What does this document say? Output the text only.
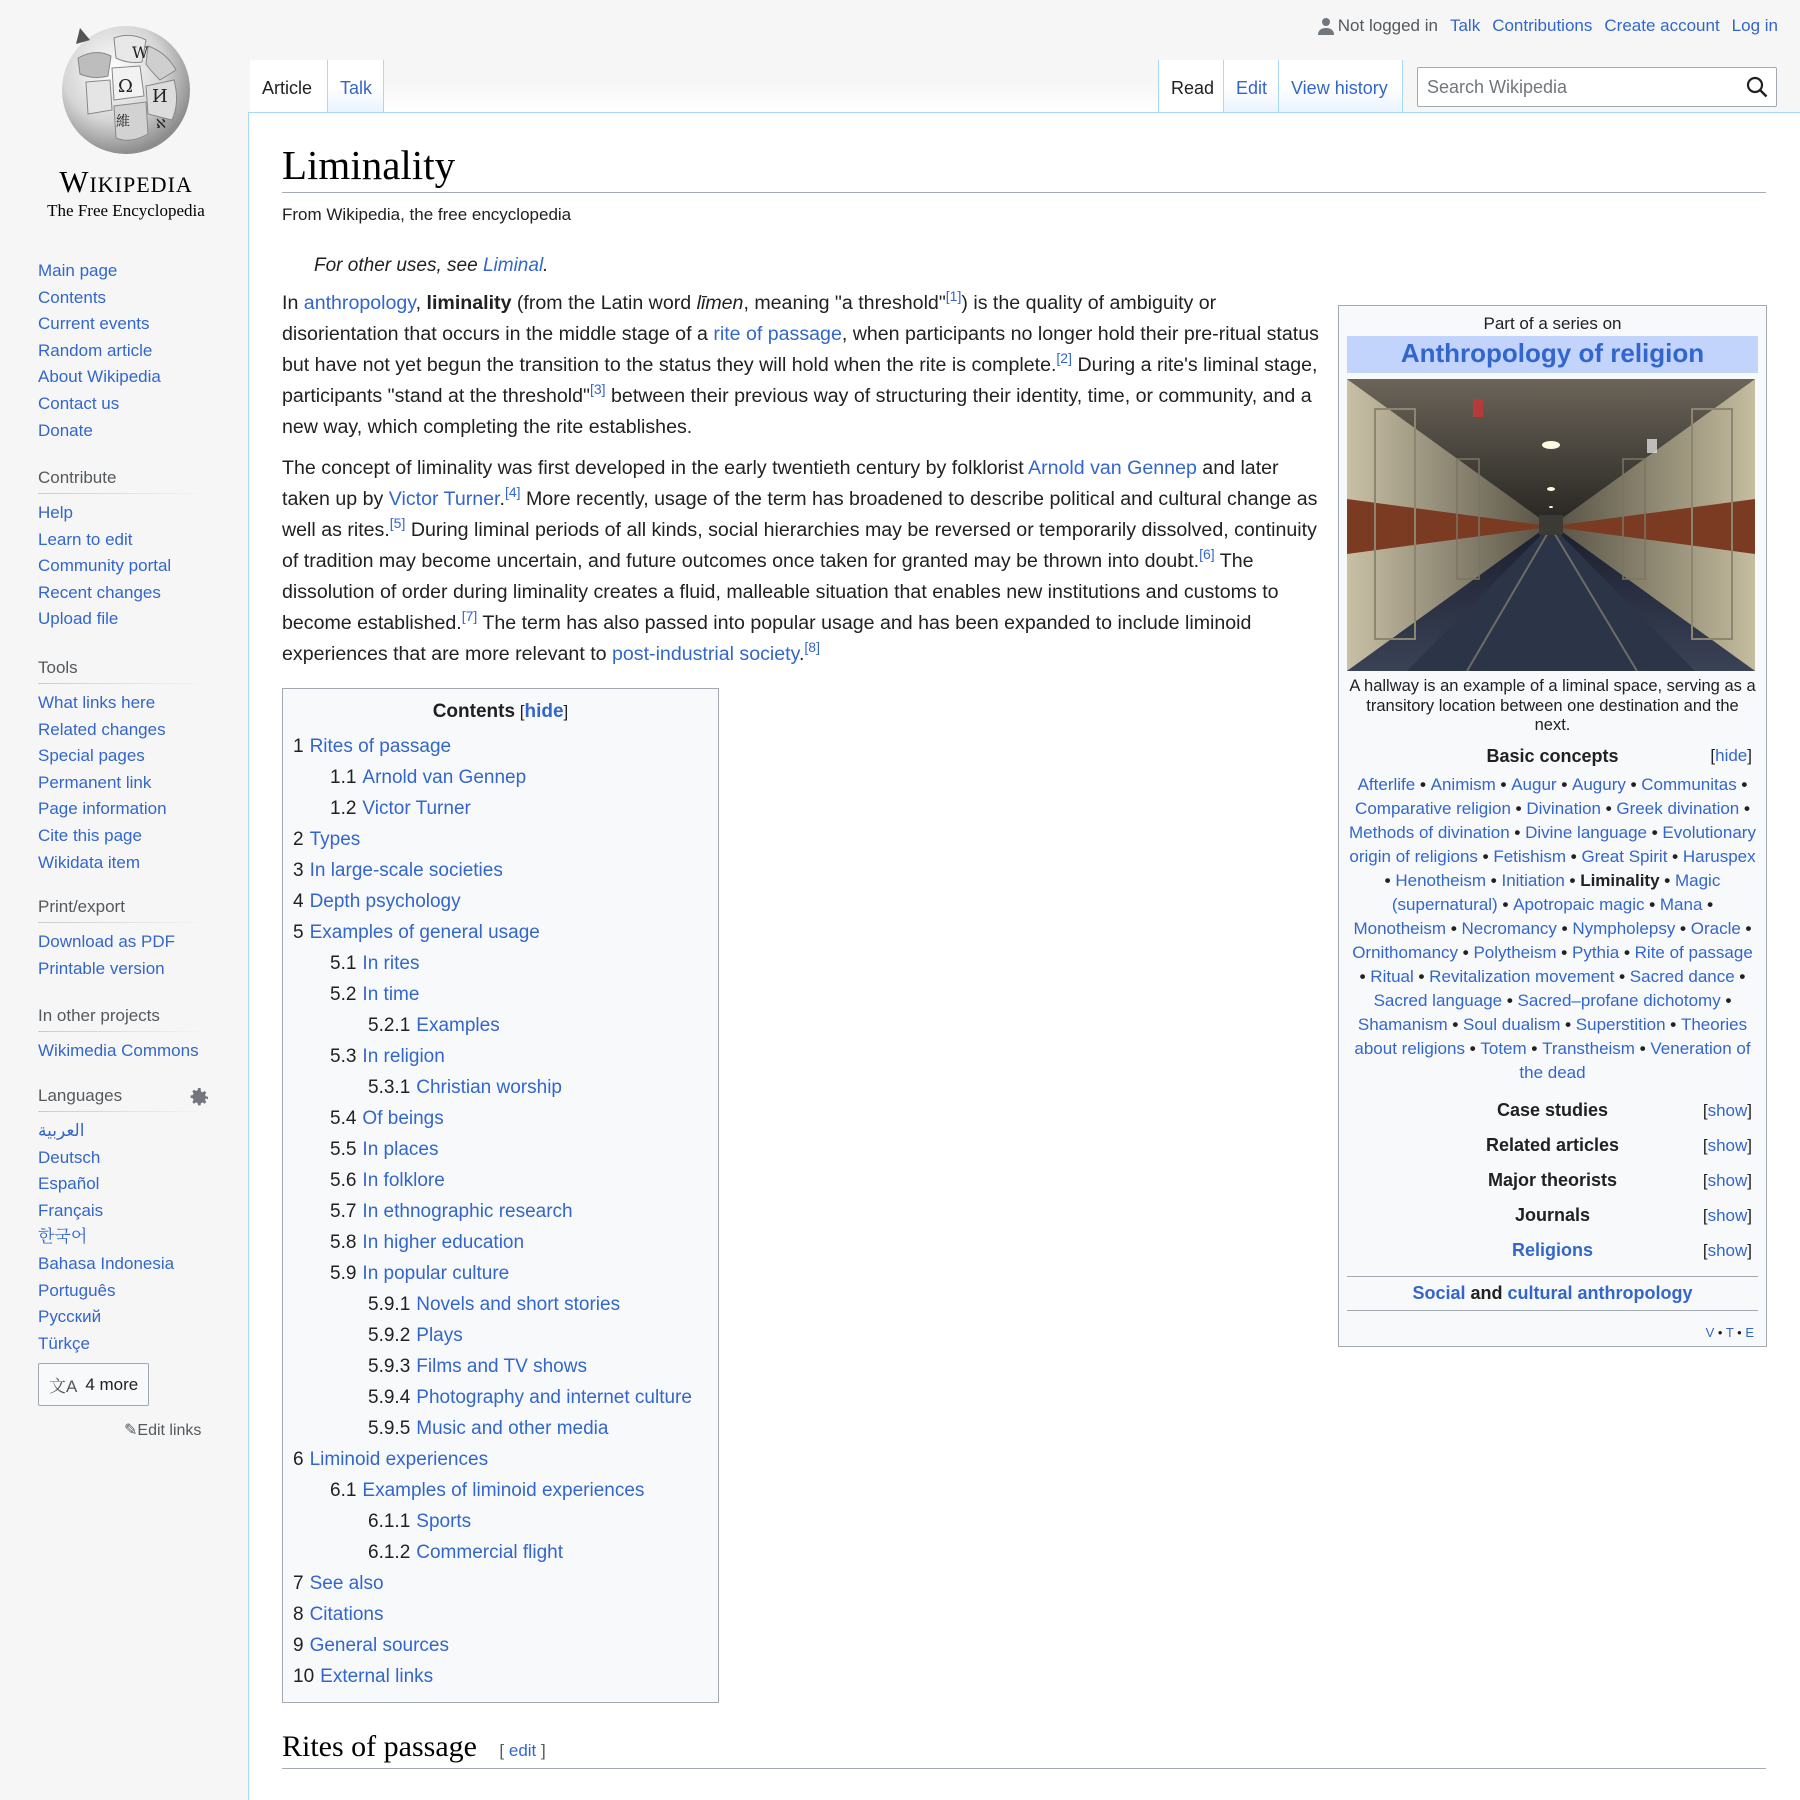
W
Ω И
維 ℵ
Wikipedia
The Free Encyclopedia
Main page
Contents
Current events
Random article
About Wikipedia
Contact us
Donate
Contribute
Help
Learn to edit
Community portal
Recent changes
Upload file
Tools
What links here
Related changes
Special pages
Permanent link
Page information
Cite this page
Wikidata item
Print/export
Download as PDF
Printable version
In other projects
Wikimedia Commons
Languages
العربية
Deutsch
Español
Français
한국어
Bahasa Indonesia
Português
Русский
Türkçe
文A 4 more
✎Edit links
Not logged in Talk Contributions Create account Log in
Article	Talk	Read	Edit	View history
Search Wikipedia
Liminality
From Wikipedia, the free encyclopedia
For other uses, see Liminal.

In anthropology, liminality (from the Latin word līmen, meaning "a threshold"[1]) is the quality of ambiguity or disorientation that occurs in the middle stage of a rite of passage, when participants no longer hold their pre-ritual status but have not yet begun the transition to the status they will hold when the rite is complete.[2] During a rite's liminal stage, participants "stand at the threshold"[3] between their previous way of structuring their identity, time, or community, and a new way, which completing the rite establishes.

The concept of liminality was first developed in the early twentieth century by folklorist Arnold van Gennep and later taken up by Victor Turner.[4] More recently, usage of the term has broadened to describe political and cultural change as well as rites.[5] During liminal periods of all kinds, social hierarchies may be reversed or temporarily dissolved, continuity of tradition may become uncertain, and future outcomes once taken for granted may be thrown into doubt.[6] The dissolution of order during liminality creates a fluid, malleable situation that enables new institutions and customs to become established.[7] The term has also passed into popular usage and has been expanded to include liminoid experiences that are more relevant to post-industrial society.[8]

Contents [hide]
1 Rites of passage
1.1 Arnold van Gennep
1.2 Victor Turner
2 Types
3 In large-scale societies
4 Depth psychology
5 Examples of general usage
5.1 In rites
5.2 In time
5.2.1 Examples
5.3 In religion
5.3.1 Christian worship
5.4 Of beings
5.5 In places
5.6 In folklore
5.7 In ethnographic research
5.8 In higher education
5.9 In popular culture
5.9.1 Novels and short stories
5.9.2 Plays
5.9.3 Films and TV shows
5.9.4 Photography and internet culture
5.9.5 Music and other media
6 Liminoid experiences
6.1 Examples of liminoid experiences
6.1.1 Sports
6.1.2 Commercial flight
7 See also
8 Citations
9 General sources
10 External links
Part of a series on
Anthropology of religion
A hallway is an example of a liminal space, serving as a transitory location between one destination and the next.
Basic concepts	[hide]
Afterlife • Animism • Augur • Augury • Communitas • Comparative religion • Divination • Greek divination • Methods of divination • Divine language • Evolutionary origin of religions • Fetishism • Great Spirit • Haruspex • Henotheism • Initiation • Liminality • Magic (supernatural) • Apotropaic magic • Mana • Monotheism • Necromancy • Nympholepsy • Oracle • Ornithomancy • Polytheism • Pythia • Rite of passage • Ritual • Revitalization movement • Sacred dance • Sacred language • Sacred–profane dichotomy • Shamanism • Soul dualism • Superstition • Theories about religions • Totem • Transtheism • Veneration of the dead
Case studies	[show]
Related articles	[show]
Major theorists	[show]
Journals	[show]
Religions	[show]
Social and cultural anthropology
V • T • E
Rites of passage [ edit ]
